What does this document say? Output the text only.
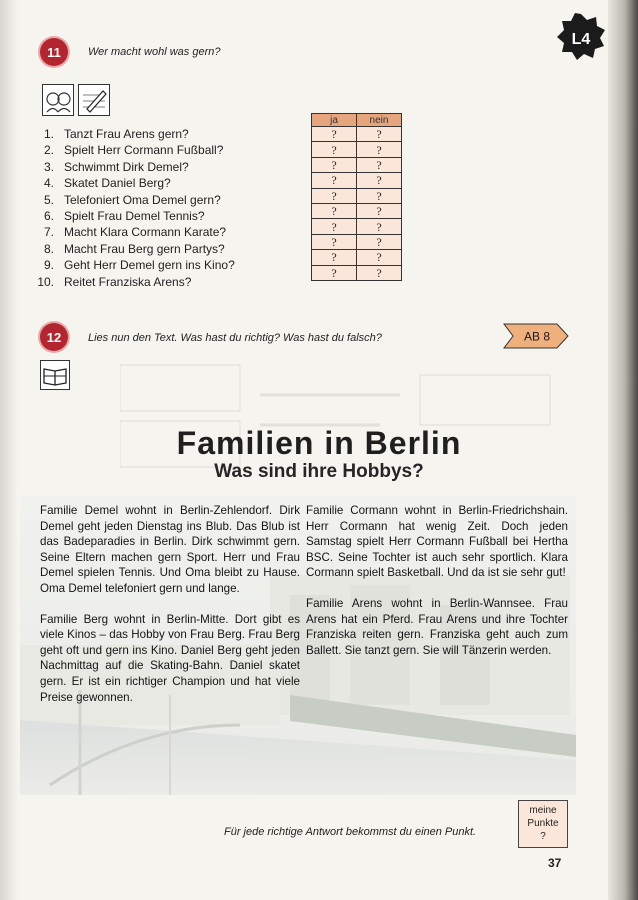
L4
11	Wer macht wohl was gern?
1. Tanzt Frau Arens gern?
2. Spielt Herr Cormann Fußball?
3. Schwimmt Dirk Demel?
4. Skatet Daniel Berg?
5. Telefoniert Oma Demel gern?
6. Spielt Frau Demel Tennis?
7. Macht Klara Cormann Karate?
8. Macht Frau Berg gern Partys?
9. Geht Herr Demel gern ins Kino?
10. Reitet Franziska Arens?
ja	nein
?	?
?	?
?	?
?	?
?	?
?	?
?	?
?	?
?	?
?	?
12	Lies nun den Text. Was hast du richtig? Was hast du falsch?	AB 8
Familien in Berlin
Was sind ihre Hobbys?

Familie Demel wohnt in Berlin-Zehlendorf. Dirk Demel geht jeden Dienstag ins Blub. Das Blub ist das Badeparadies in Berlin. Dirk schwimmt gern. Seine Eltern machen gern Sport. Herr und Frau Demel spielen Tennis. Und Oma bleibt zu Hause. Oma Demel telefoniert gern und lange.

Familie Berg wohnt in Berlin-Mitte. Dort gibt es viele Kinos – das Hobby von Frau Berg. Frau Berg geht oft und gern ins Kino. Daniel Berg geht jeden Nachmittag auf die Skating-Bahn. Daniel skatet gern. Er ist ein richtiger Champion und hat viele Preise gewonnen.

Familie Cormann wohnt in Berlin-Friedrichshain. Herr Cormann hat wenig Zeit. Doch jeden Samstag spielt Herr Cormann Fußball bei Hertha BSC. Seine Tochter ist auch sehr sportlich. Klara Cormann spielt Basketball. Und da ist sie sehr gut!

Familie Arens wohnt in Berlin-Wannsee. Frau Arens hat ein Pferd. Frau Arens und ihre Tochter Franziska reiten gern. Franziska geht auch zum Ballett. Sie tanzt gern. Sie will Tänzerin werden.

Für jede richtige Antwort bekommst du einen Punkt.
meine Punkte
?
37
